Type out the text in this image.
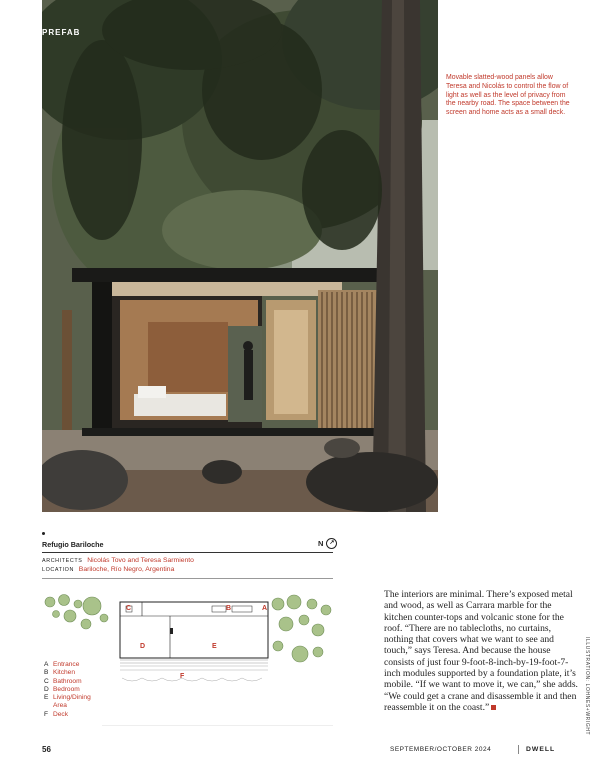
PREFAB
Movable slatted-wood panels allow Teresa and Nicolás to control the flow of light as well as the level of privacy from the nearby road. The space between the screen and home acts as a small deck.
Refugio Bariloche	N ↗
ARCHITECTS Nicolás Tovo and Teresa Sarmiento
LOCATION Bariloche, Río Negro, Argentina
C	B	A
D	E
F
A Entrance
B Kitchen
C Bathroom
D Bedroom
E Living/Dining
Area
F Deck
The interiors are minimal. There’s exposed metal and wood, as well as Carrara marble for the kitchen counter-tops and volcanic stone for the roof. “There are no tablecloths, no curtains, nothing that covers what we want to see and touch,” says Teresa. And because the house consists of just four 9-foot-8-inch-by-19-foot-7-inch modules supported by a foundation plate, it’s mobile. “If we want to move it, we can,” she adds. “We could get a crane and disassemble it and then reassemble it on the coast.”	ILLUSTRATION: LOHNES+WRIGHT
56	SEPTEMBER/OCTOBER 2024	DWELL
